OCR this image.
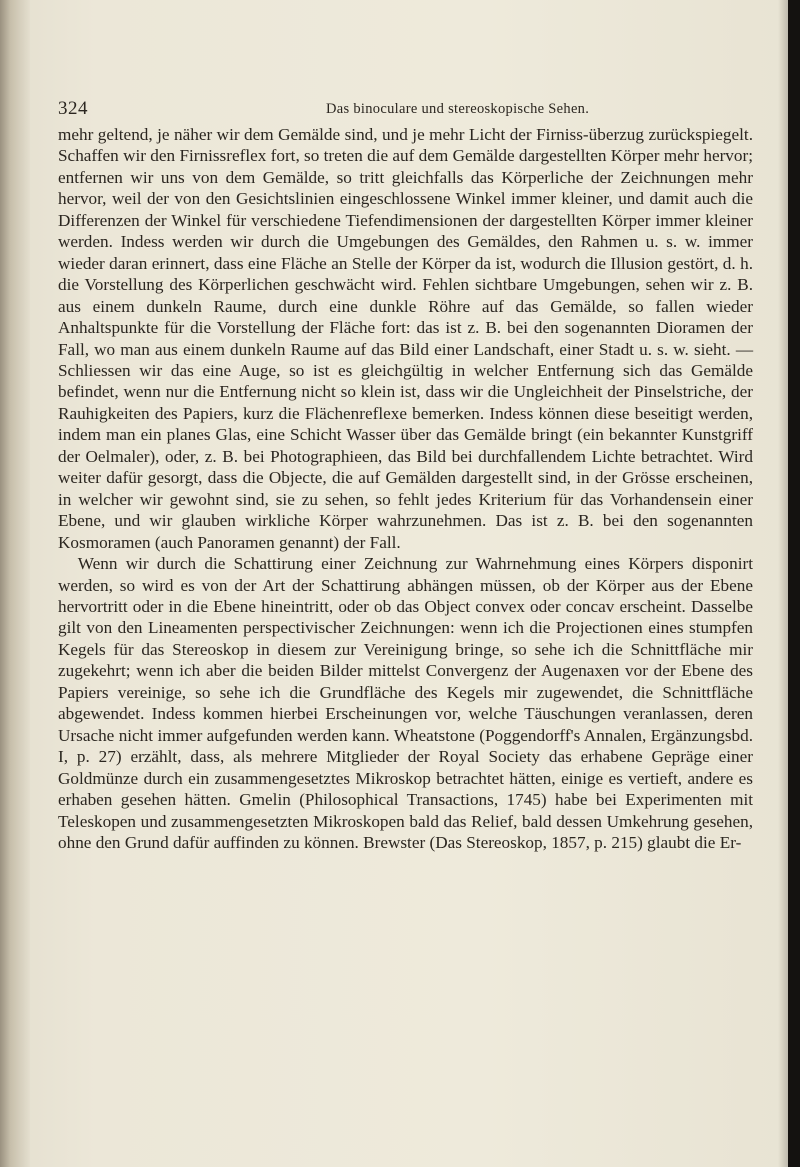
324	Das binoculare und stereoskopische Sehen.

mehr geltend, je näher wir dem Gemälde sind, und je mehr Licht der Firniss-überzug zurückspiegelt. Schaffen wir den Firnissreflex fort, so treten die auf dem Gemälde dargestellten Körper mehr hervor; entfernen wir uns von dem Gemälde, so tritt gleichfalls das Körperliche der Zeichnungen mehr hervor, weil der von den Gesichtslinien eingeschlossene Winkel immer kleiner, und damit auch die Differenzen der Winkel für verschiedene Tiefendimensionen der dargestellten Körper immer kleiner werden. Indess werden wir durch die Umgebungen des Gemäldes, den Rahmen u. s. w. immer wieder daran erinnert, dass eine Fläche an Stelle der Körper da ist, wodurch die Illusion gestört, d. h. die Vorstellung des Körperlichen geschwächt wird. Fehlen sichtbare Umgebungen, sehen wir z. B. aus einem dunkeln Raume, durch eine dunkle Röhre auf das Gemälde, so fallen wieder Anhaltspunkte für die Vorstellung der Fläche fort: das ist z. B. bei den sogenannten Dioramen der Fall, wo man aus einem dunkeln Raume auf das Bild einer Landschaft, einer Stadt u. s. w. sieht. — Schliessen wir das eine Auge, so ist es gleichgültig in welcher Entfernung sich das Gemälde befindet, wenn nur die Entfernung nicht so klein ist, dass wir die Ungleichheit der Pinselstriche, der Rauhigkeiten des Papiers, kurz die Flächenreflexe bemerken. Indess können diese beseitigt werden, indem man ein planes Glas, eine Schicht Wasser über das Gemälde bringt (ein bekannter Kunstgriff der Oelmaler), oder, z. B. bei Photographieen, das Bild bei durchfallendem Lichte betrachtet. Wird weiter dafür gesorgt, dass die Objecte, die auf Gemälden dargestellt sind, in der Grösse erscheinen, in welcher wir gewohnt sind, sie zu sehen, so fehlt jedes Kriterium für das Vorhandensein einer Ebene, und wir glauben wirkliche Körper wahrzunehmen. Das ist z. B. bei den sogenannten Kosmoramen (auch Panoramen genannt) der Fall.

Wenn wir durch die Schattirung einer Zeichnung zur Wahrnehmung eines Körpers disponirt werden, so wird es von der Art der Schattirung abhängen müssen, ob der Körper aus der Ebene hervortritt oder in die Ebene hineintritt, oder ob das Object convex oder concav erscheint. Dasselbe gilt von den Lineamenten perspectivischer Zeichnungen: wenn ich die Projectionen eines stumpfen Kegels für das Stereoskop in diesem zur Vereinigung bringe, so sehe ich die Schnittfläche mir zugekehrt; wenn ich aber die beiden Bilder mittelst Convergenz der Augenaxen vor der Ebene des Papiers vereinige, so sehe ich die Grundfläche des Kegels mir zugewendet, die Schnittfläche abgewendet. Indess kommen hierbei Erscheinungen vor, welche Täuschungen veranlassen, deren Ursache nicht immer aufgefunden werden kann. Wheatstone (Poggendorff's Annalen, Ergänzungsbd. I, p. 27) erzählt, dass, als mehrere Mitglieder der Royal Society das erhabene Gepräge einer Goldmünze durch ein zusammengesetztes Mikroskop betrachtet hätten, einige es vertieft, andere es erhaben gesehen hätten. Gmelin (Philosophical Transactions, 1745) habe bei Experimenten mit Teleskopen und zusammengesetzten Mikroskopen bald das Relief, bald dessen Umkehrung gesehen, ohne den Grund dafür auffinden zu können. Brewster (Das Stereoskop, 1857, p. 215) glaubt die Er-
